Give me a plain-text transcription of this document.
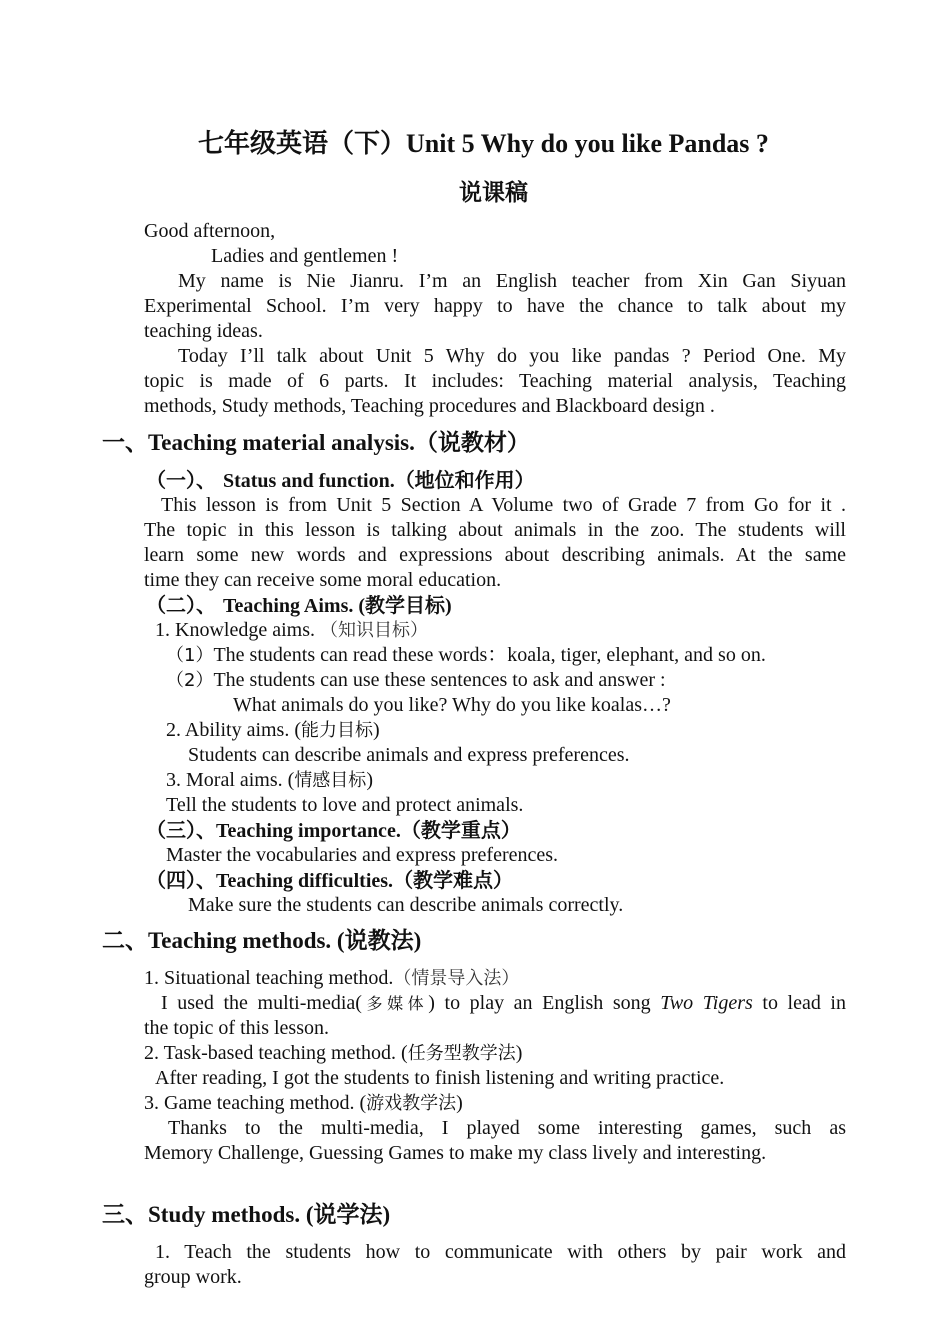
七年级英语（下）Unit 5 Why do you like Pandas ?
说课稿
Good afternoon,
Ladies and gentlemen !
My name is Nie Jianru. I’m an English teacher from Xin Gan Siyuan
Experimental School. I’m very happy to have the chance to talk about my
teaching ideas.
Today I’ll talk about Unit 5 Why do you like pandas ? Period One. My
topic is made of 6 parts. It includes: Teaching material analysis, Teaching
methods, Study methods, Teaching procedures and Blackboard design .
一、Teaching material analysis.（说教材）
（一）、 Status and function.（地位和作用）
This lesson is from Unit 5 Section A Volume two of Grade 7 from Go for it .
The topic in this lesson is talking about animals in the zoo. The students will
learn some new words and expressions about describing animals. At the same
time they can receive some moral education.
（二）、 Teaching Aims. (教学目标)
1. Knowledge aims. （知识目标）
（1）The students can read these words：koala, tiger, elephant, and so on.
（2）The students can use these sentences to ask and answer :
What animals do you like? Why do you like koalas…?
2. Ability aims. (能力目标)
Students can describe animals and express preferences.
3. Moral aims. (情感目标)
Tell the students to love and protect animals.
（三）、Teaching importance.（教学重点）
Master the vocabularies and express preferences.
（四）、Teaching difficulties.（教学难点）
Make sure the students can describe animals correctly.
二、Teaching methods. (说教法)
1. Situational teaching method.（情景导入法）
I used the multi-media(多媒体) to play an English song Two Tigers to lead in
the topic of this lesson.
2. Task-based teaching method. (任务型教学法)
After reading, I got the students to finish listening and writing practice.
3. Game teaching method. (游戏教学法)
Thanks to the multi-media, I played some interesting games, such as
Memory Challenge, Guessing Games to make my class lively and interesting.
三、Study methods. (说学法)
1. Teach the students how to communicate with others by pair work and
group work.
